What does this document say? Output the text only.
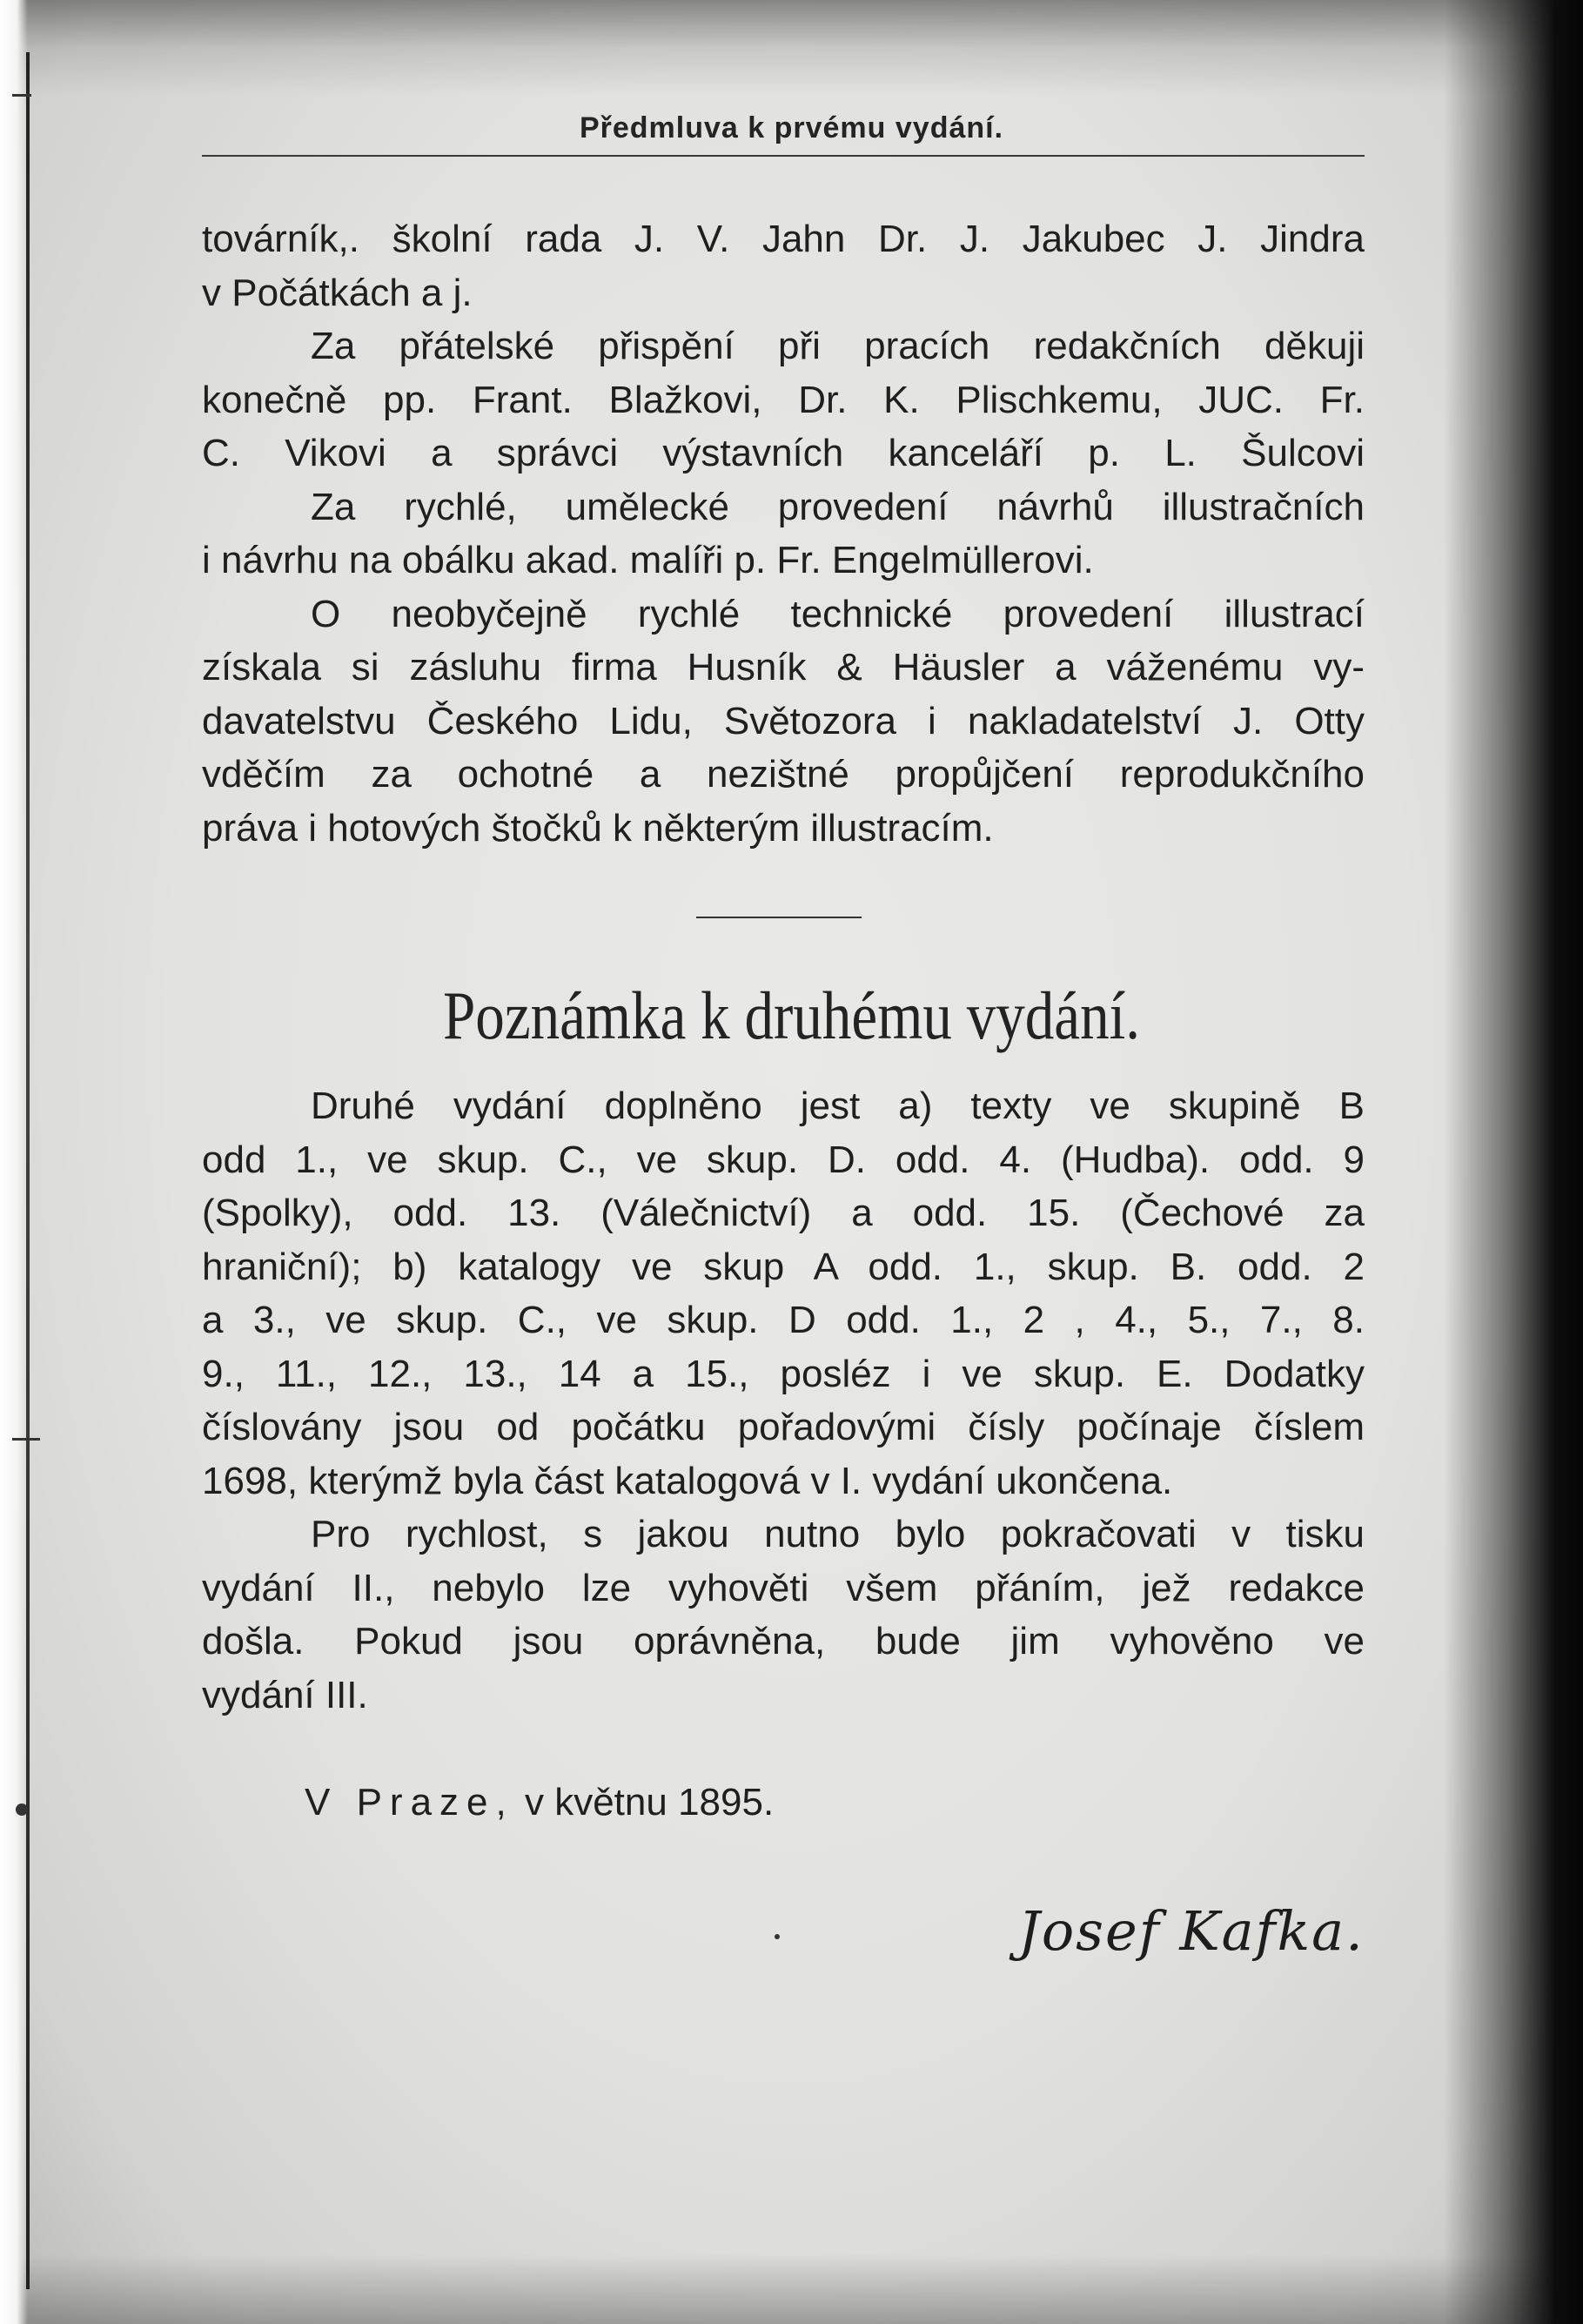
Předmluva k prvému vydání.
továrník,. školní rada J. V. Jahn Dr. J. Jakubec J. Jindra
v Počátkách a j.
Za přátelské přispění při pracích redakčních děkuji
konečně pp. Frant. Blažkovi, Dr. K. Plischkemu, JUC. Fr.
C. Vikovi a správci výstavních kanceláří p. L. Šulcovi
Za rychlé, umělecké provedení návrhů illustračních
i návrhu na obálku akad. malíři p. Fr. Engelmüllerovi.
O neobyčejně rychlé technické provedení illustrací
získala si zásluhu firma Husník & Häusler a váženému vy-
davatelstvu Českého Lidu, Světozora i nakladatelství J. Otty
vděčím za ochotné a nezištné propůjčení reprodukčního
práva i hotových štočků k některým illustracím.
Poznámka k druhému vydání.
Druhé vydání doplněno jest a) texty ve skupině B
odd 1., ve skup. C., ve skup. D. odd. 4. (Hudba). odd. 9
(Spolky), odd. 13. (Válečnictví) a odd. 15. (Čechové za
hraniční); b) katalogy ve skup A odd. 1., skup. B. odd. 2
a 3., ve skup. C., ve skup. D odd. 1., 2 , 4., 5., 7., 8.
9., 11., 12., 13., 14 a 15., posléz i ve skup. E. Dodatky
číslovány jsou od počátku pořadovými čísly počínaje číslem
1698, kterýmž byla část katalogová v I. vydání ukončena.
Pro rychlost, s jakou nutno bylo pokračovati v tisku
vydání II., nebylo lze vyhověti všem přáním, jež redakce
došla. Pokud jsou oprávněna, bude jim vyhověno ve
vydání III.
V Praze, v květnu 1895.
Josef Kafka.
